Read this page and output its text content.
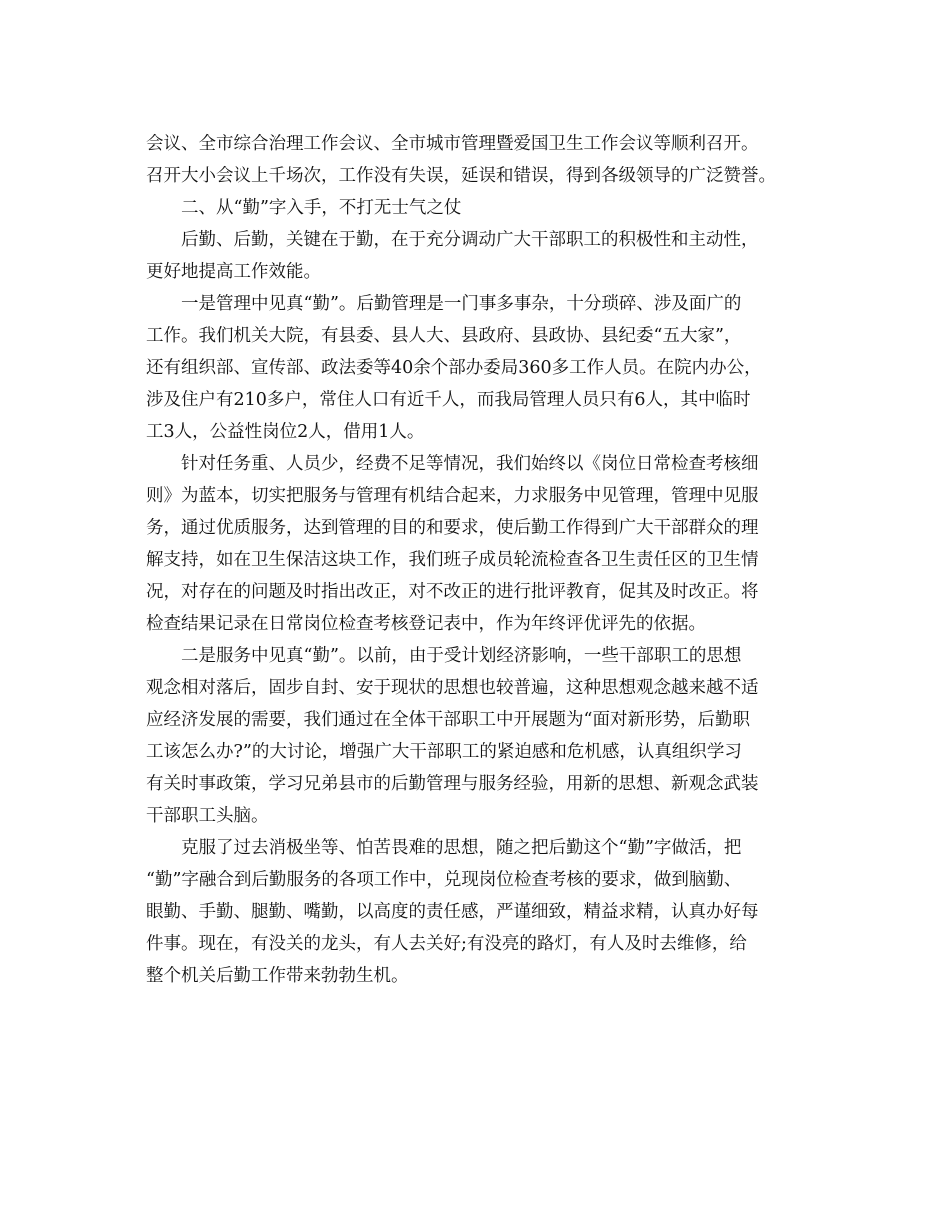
会议、全市综合治理工作会议、全市城市管理暨爱国卫生工作会议等顺利召开。
召开大小会议上千场次，工作没有失误，延误和错误，得到各级领导的广泛赞誉。
二、从“勤”字入手，不打无士气之仗
后勤、后勤，关键在于勤，在于充分调动广大干部职工的积极性和主动性，
更好地提高工作效能。
一是管理中见真“勤”。后勤管理是一门事多事杂，十分琐碎、涉及面广的
工作。我们机关大院，有县委、县人大、县政府、县政协、县纪委“五大家”，
还有组织部、宣传部、政法委等40余个部办委局360多工作人员。在院内办公，
涉及住户有210多户，常住人口有近千人，而我局管理人员只有6人，其中临时
工3人，公益性岗位2人，借用1人。
针对任务重、人员少，经费不足等情况，我们始终以《岗位日常检查考核细
则》为蓝本，切实把服务与管理有机结合起来，力求服务中见管理，管理中见服
务，通过优质服务，达到管理的目的和要求，使后勤工作得到广大干部群众的理
解支持，如在卫生保洁这块工作，我们班子成员轮流检查各卫生责任区的卫生情
况，对存在的问题及时指出改正，对不改正的进行批评教育，促其及时改正。将
检查结果记录在日常岗位检查考核登记表中，作为年终评优评先的依据。
二是服务中见真“勤”。以前，由于受计划经济影响，一些干部职工的思想
观念相对落后，固步自封、安于现状的思想也较普遍，这种思想观念越来越不适
应经济发展的需要，我们通过在全体干部职工中开展题为“面对新形势，后勤职
工该怎么办?”的大讨论，增强广大干部职工的紧迫感和危机感，认真组织学习
有关时事政策，学习兄弟县市的后勤管理与服务经验，用新的思想、新观念武装
干部职工头脑。
克服了过去消极坐等、怕苦畏难的思想，随之把后勤这个“勤”字做活，把
“勤”字融合到后勤服务的各项工作中，兑现岗位检查考核的要求，做到脑勤、
眼勤、手勤、腿勤、嘴勤，以高度的责任感，严谨细致，精益求精，认真办好每
件事。现在，有没关的龙头，有人去关好;有没亮的路灯，有人及时去维修，给
整个机关后勤工作带来勃勃生机。
